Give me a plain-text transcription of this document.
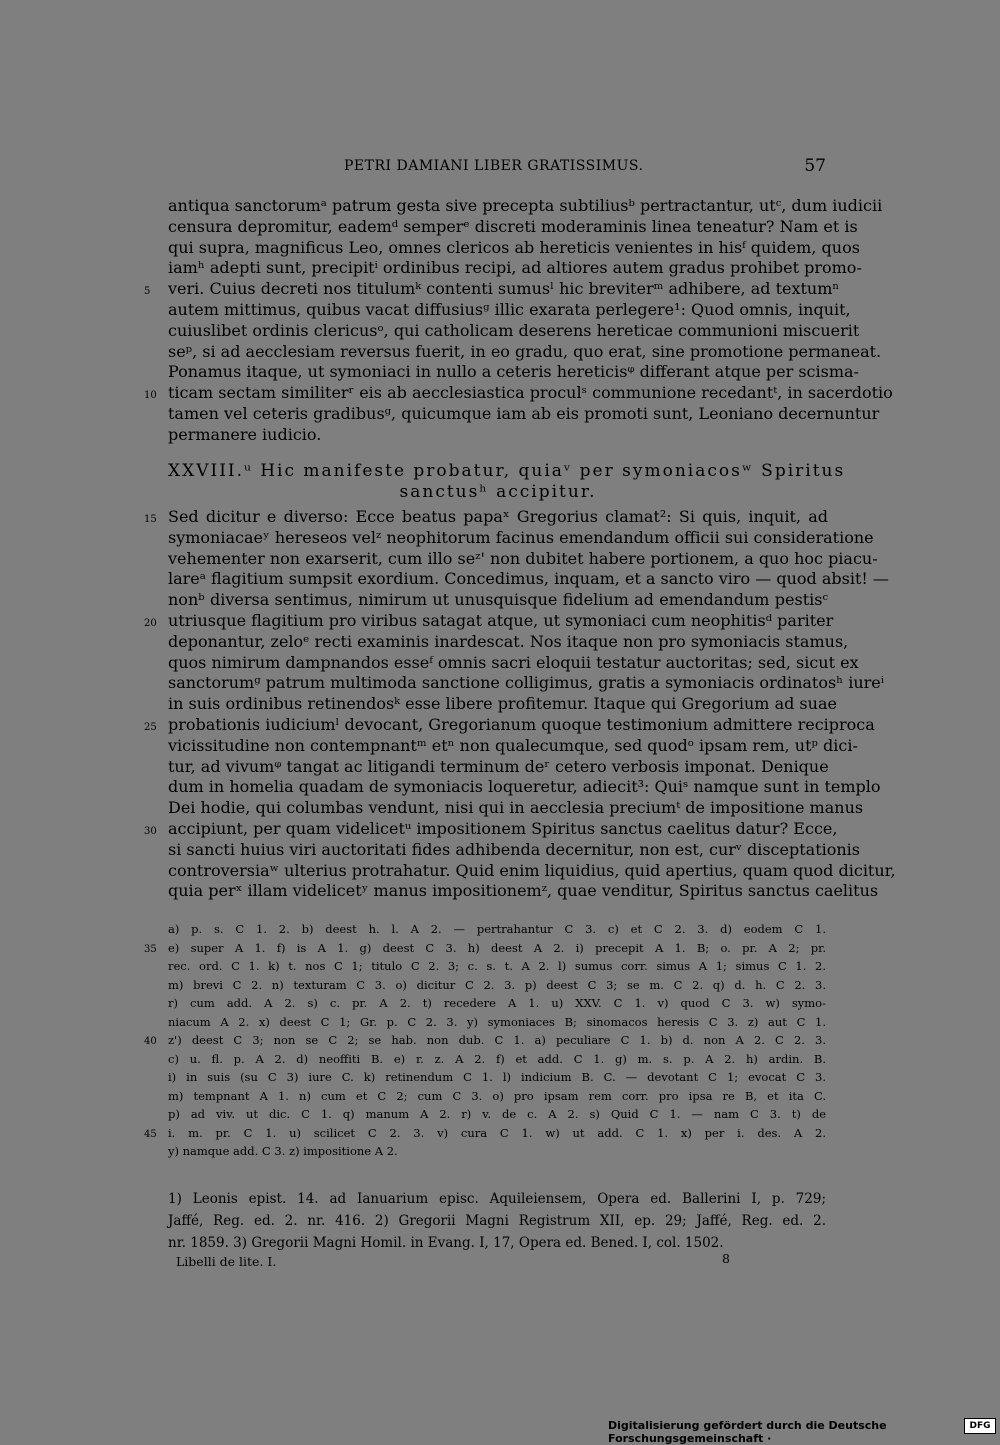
PETRI DAMIANI LIBER GRATISSIMUS.	57
antiqua sanctorumᵃ patrum gesta sive precepta subtiliusᵇ pertractantur, utᶜ, dum iudicii
censura depromitur, eademᵈ semperᵉ discreti moderaminis linea teneatur? Nam et is
qui supra, magnificus Leo, omnes clericos ab hereticis venientes in hisᶠ quidem, quos
iamʰ adepti sunt, precipitⁱ ordinibus recipi, ad altiores autem gradus prohibet promo-
5 veri. Cuius decreti nos titulumᵏ contenti sumusˡ hic breviterᵐ adhibere, ad textumⁿ
autem mittimus, quibus vacat diffusiusᵍ illic exarata perlegere¹: Quod omnis, inquit,
cuiuslibet ordinis clericusᵒ, qui catholicam deserens hereticae communioni miscuerit
seᵖ, si ad aecclesiam reversus fuerit, in eo gradu, quo erat, sine promotione permaneat.
Ponamus itaque, ut symoniaci in nullo a ceteris hereticisᵠ differant atque per scisma-
10 ticam sectam similiterʳ eis ab aecclesiastica proculˢ communione recedantᵗ, in sacerdotio
tamen vel ceteris gradibusᵍ, quicumque iam ab eis promoti sunt, Leoniano decernuntur
permanere iudicio.
XXVIII.ᵘ Hic manifeste probatur, quiaᵛ per symoniacosʷ Spiritus
sanctusʰ accipitur.
15 Sed dicitur e diverso: Ecce beatus papaˣ Gregorius clamat²: Si quis, inquit, ad
symoniacaeʸ hereseos velᶻ neophitorum facinus emendandum officii sui consideratione
vehementer non exarserit, cum illo seᶻ' non dubitet habere portionem, a quo hoc piacu-
lareᵃ flagitium sumpsit exordium. Concedimus, inquam, et a sancto viro — quod absit! —
nonᵇ diversa sentimus, nimirum ut unusquisque fidelium ad emendandum pestisᶜ
20 utriusque flagitium pro viribus satagat atque, ut symoniaci cum neophitisᵈ pariter
deponantur, zeloᵉ recti examinis inardescat. Nos itaque non pro symoniacis stamus,
quos nimirum dampnandos esseᶠ omnis sacri eloquii testatur auctoritas; sed, sicut ex
sanctorumᵍ patrum multimoda sanctione colligimus, gratis a symoniacis ordinatosʰ iureⁱ
in suis ordinibus retinendosᵏ esse libere profitemur. Itaque qui Gregorium ad suae
25 probationis iudiciumˡ devocant, Gregorianum quoque testimonium admittere reciproca
vicissitudine non contempnantᵐ etⁿ non qualecumque, sed quodᵒ ipsam rem, utᵖ dici-
tur, ad vivumᵠ tangat ac litigandi terminum deʳ cetero verbosis imponat. Denique
dum in homelia quadam de symoniacis loqueretur, adiecit³: Quiˢ namque sunt in templo
Dei hodie, qui columbas vendunt, nisi qui in aecclesia preciumᵗ de impositione manus
30 accipiunt, per quam videlicetᵘ impositionem Spiritus sanctus caelitus datur? Ecce,
si sancti huius viri auctoritati fides adhibenda decernitur, non est, curᵛ disceptationis
controversiaʷ ulterius protrahatur. Quid enim liquidius, quid apertius, quam quod dicitur,
quia perˣ illam videlicetʸ manus impositionemᶻ, quae venditur, Spiritus sanctus caelitus
a) p. s. C 1. 2. b) deest h. l. A 2. — pertrahantur C 3. c) et C 2. 3. d) eodem C 1.
35 e) super A 1. f) is A 1. g) deest C 3. h) deest A 2. i) precepit A 1. B; o. pr. A 2; pr.
rec. ord. C 1. k) t. nos C 1; titulo C 2. 3; c. s. t. A 2. l) sumus corr. simus A 1; simus C 1. 2.
m) brevi C 2. n) texturam C 3. o) dicitur C 2. 3. p) deest C 3; se m. C 2. q) d. h. C 2. 3.
r) cum add. A 2. s) c. pr. A 2. t) recedere A 1. u) XXV. C 1. v) quod C 3. w) symo-
niacum A 2. x) deest C 1; Gr. p. C 2. 3. y) symoniaces B; sinomacos heresis C 3. z) aut C 1.
40 z') deest C 3; non se C 2; se hab. non dub. C 1. a) peculiare C 1. b) d. non A 2. C 2. 3.
c) u. fl. p. A 2. d) neoffiti B. e) r. z. A 2. f) et add. C 1. g) m. s. p. A 2. h) ardin. B.
i) in suis (su C 3) iure C. k) retinendum C 1. l) indicium B. C. — devotant C 1; evocat C 3.
m) tempnant A 1. n) cum et C 2; cum C 3. o) pro ipsam rem corr. pro ipsa re B, et ita C.
p) ad viv. ut dic. C 1. q) manum A 2. r) v. de c. A 2. s) Quid C 1. — nam C 3. t) de
45 i. m. pr. C 1. u) scilicet C 2. 3. v) cura C 1. w) ut add. C 1. x) per i. des. A 2.
y) namque add. C 3. z) impositione A 2.
1) Leonis epist. 14. ad Ianuarium episc. Aquileiensem, Opera ed. Ballerini I, p. 729;
Jaffé, Reg. ed. 2. nr. 416. 2) Gregorii Magni Registrum XII, ep. 29; Jaffé, Reg. ed. 2.
nr. 1859. 3) Gregorii Magni Homil. in Evang. I, 17, Opera ed. Bened. I, col. 1502.
Libelli de lite. I.	8
Digitalisierung gefördert durch die Deutsche Forschungsgemeinschaft ·
DFG
